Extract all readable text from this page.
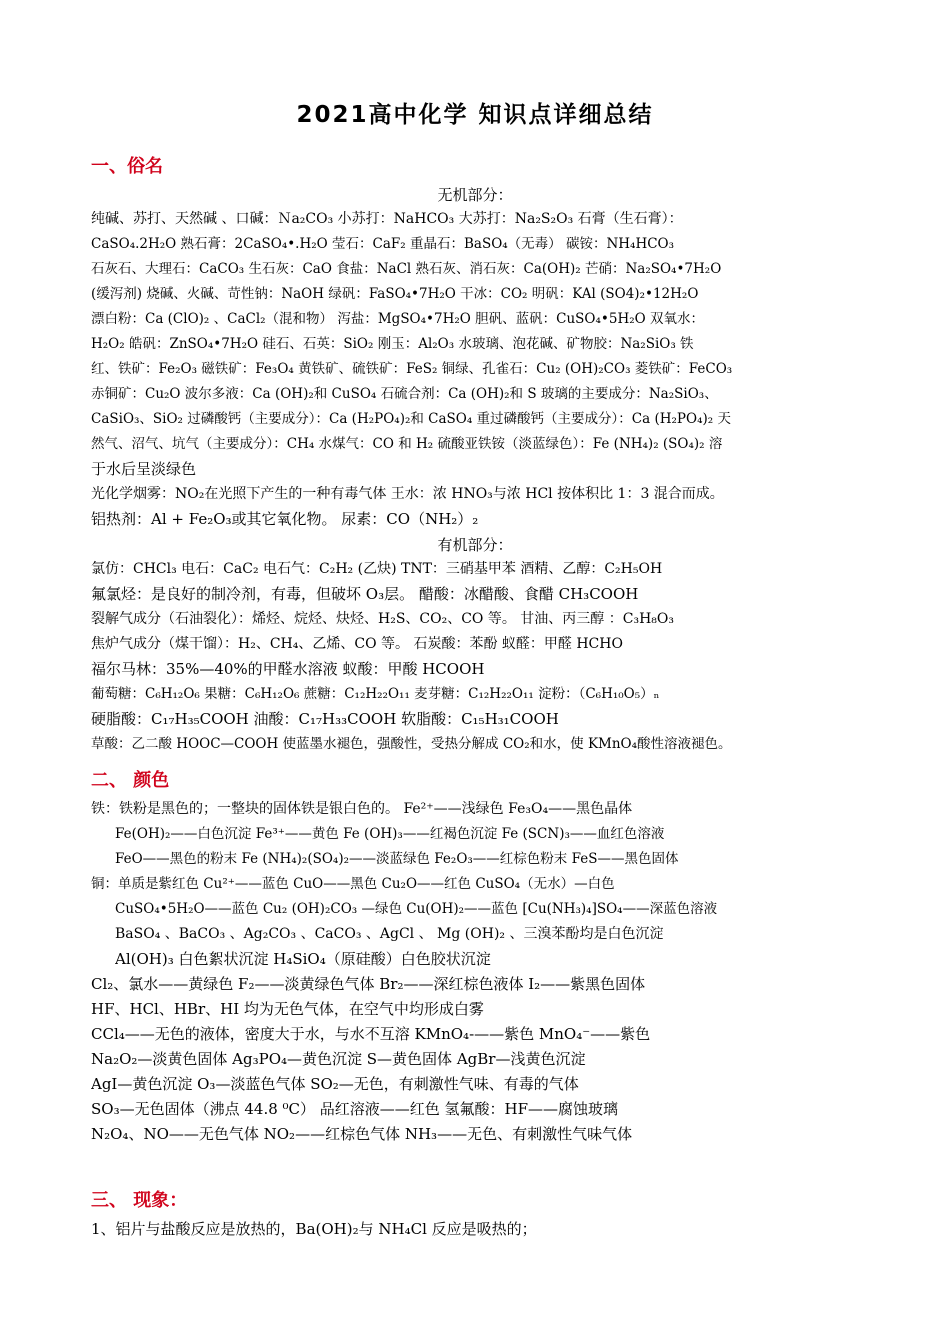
2021高中化学 知识点详细总结
一、俗名
无机部分：
纯碱、苏打、天然碱 、口碱：Ｎa₂CO₃ 小苏打：NaHCO₃ 大苏打：Na₂S₂O₃ 石膏（生石膏）：
CaSO₄.2H₂O 熟石膏：2CaSO₄•.H₂O 莹石：CaF₂ 重晶石：BaSO₄（无毒） 碳铵：NH₄HCO₃
石灰石、大理石：CaCO₃ 生石灰：CaO 食盐：NaCl 熟石灰、消石灰：Ca(OH)₂ 芒硝：Na₂SO₄•7H₂O
(缓泻剂) 烧碱、火碱、苛性钠：NaOH 绿矾：FaSO₄•7H₂O 干冰：CO₂ 明矾：KAl (SO4)₂•12H₂O
漂白粉：Ca (ClO)₂ 、CaCl₂（混和物） 泻盐：MgSO₄•7H₂O 胆矾、蓝矾：CuSO₄•5H₂O 双氧水：
H₂O₂ 皓矾：ZnSO₄•7H₂O 硅石、石英：SiO₂ 刚玉：Al₂O₃ 水玻璃、泡花碱、矿物胶：Na₂SiO₃ 铁
红、铁矿：Fe₂O₃ 磁铁矿：Fe₃O₄ 黄铁矿、硫铁矿：FeS₂ 铜绿、孔雀石：Cu₂ (OH)₂CO₃ 菱铁矿：FeCO₃
赤铜矿：Cu₂O 波尔多液：Ca (OH)₂和 CuSO₄ 石硫合剂：Ca (OH)₂和 S 玻璃的主要成分：Na₂SiO₃、
CaSiO₃、SiO₂ 过磷酸钙（主要成分）：Ca (H₂PO₄)₂和 CaSO₄ 重过磷酸钙（主要成分）：Ca (H₂PO₄)₂ 天
然气、沼气、坑气（主要成分）：CH₄ 水煤气：CO 和 H₂ 硫酸亚铁铵（淡蓝绿色）：Fe (NH₄)₂ (SO₄)₂ 溶
于水后呈淡绿色
光化学烟雾：NO₂在光照下产生的一种有毒气体 王水：浓 HNO₃与浓 HCl 按体积比 1：3 混合而成。
铝热剂：Al + Fe₂O₃或其它氧化物。 尿素：CO（NH₂）₂
有机部分：
氯仿：CHCl₃ 电石：CaC₂ 电石气：C₂H₂ (乙炔) TNT：三硝基甲苯 酒精、乙醇：C₂H₅OH
氟氯烃：是良好的制冷剂，有毒，但破坏 O₃层。 醋酸：冰醋酸、食醋 CH₃COOH
裂解气成分（石油裂化）：烯烃、烷烃、炔烃、H₂S、CO₂、CO 等。 甘油、丙三醇 ：C₃H₈O₃
焦炉气成分（煤干馏）：H₂、CH₄、乙烯、CO 等。 石炭酸：苯酚 蚁醛：甲醛 HCHO
福尔马林：35%—40%的甲醛水溶液 蚁酸：甲酸 HCOOH
葡萄糖：C₆H₁₂O₆ 果糖：C₆H₁₂O₆ 蔗糖：C₁₂H₂₂O₁₁ 麦芽糖：C₁₂H₂₂O₁₁ 淀粉：（C₆H₁₀O₅）ₙ
硬脂酸：C₁₇H₃₅COOH 油酸：C₁₇H₃₃COOH 软脂酸：C₁₅H₃₁COOH
草酸：乙二酸 HOOC—COOH 使蓝墨水褪色，强酸性，受热分解成 CO₂和水，使 KMnO₄酸性溶液褪色。
二、 颜色
铁：铁粉是黑色的；一整块的固体铁是银白色的。 Fe²⁺——浅绿色 Fe₃O₄——黑色晶体
Fe(OH)₂——白色沉淀 Fe³⁺——黄色 Fe (OH)₃——红褐色沉淀 Fe (SCN)₃——血红色溶液
FeO——黑色的粉末 Fe (NH₄)₂(SO₄)₂——淡蓝绿色 Fe₂O₃——红棕色粉末 FeS——黑色固体
铜：单质是紫红色 Cu²⁺——蓝色 CuO——黑色 Cu₂O——红色 CuSO₄（无水）—白色
CuSO₄•5H₂O——蓝色 Cu₂ (OH)₂CO₃ —绿色 Cu(OH)₂——蓝色 [Cu(NH₃)₄]SO₄——深蓝色溶液
BaSO₄ 、BaCO₃ 、Ag₂CO₃ 、CaCO₃ 、AgCl 、 Mg (OH)₂ 、三溴苯酚均是白色沉淀
Al(OH)₃ 白色絮状沉淀 H₄SiO₄（原硅酸）白色胶状沉淀
Cl₂、氯水——黄绿色 F₂——淡黄绿色气体 Br₂——深红棕色液体 I₂——紫黑色固体
HF、HCl、HBr、HI 均为无色气体，在空气中均形成白雾
CCl₄——无色的液体，密度大于水，与水不互溶 KMnO₄-——紫色 MnO₄⁻——紫色
Na₂O₂—淡黄色固体 Ag₃PO₄—黄色沉淀 S—黄色固体 AgBr—浅黄色沉淀
AgI—黄色沉淀 O₃—淡蓝色气体 SO₂—无色，有刺激性气味、有毒的气体
SO₃—无色固体（沸点 44.8 ⁰C） 品红溶液——红色 氢氟酸：HF——腐蚀玻璃
N₂O₄、NO——无色气体 NO₂——红棕色气体 NH₃——无色、有刺激性气味气体
三、 现象：
1、铝片与盐酸反应是放热的，Ba(OH)₂与 NH₄Cl 反应是吸热的；
